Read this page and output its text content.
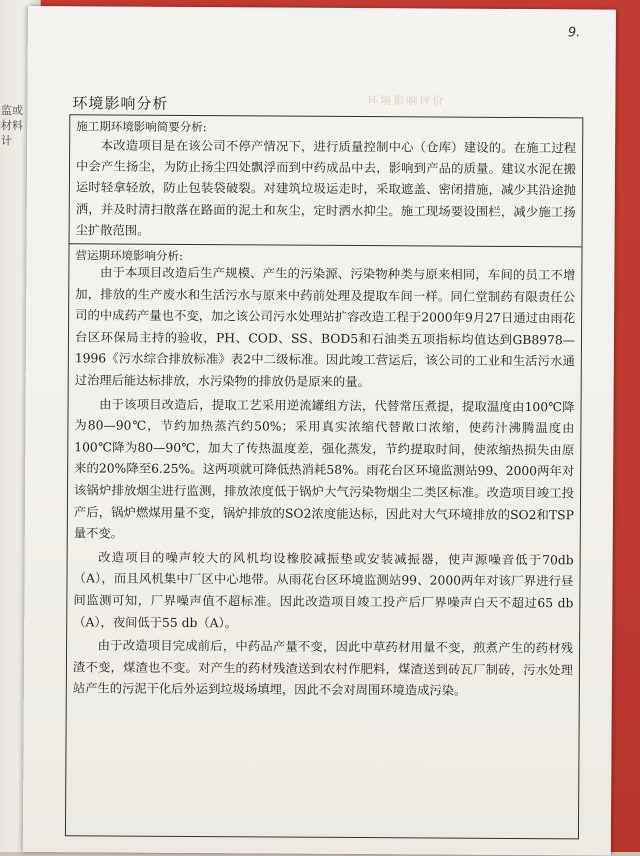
监或
材料
计
9.
环境影响评价
环境影响分析
施工期环境影响简要分析:

本改造项目是在该公司不停产情况下，进行质量控制中心（仓库）建设的。在施工过程中会产生扬尘，为防止扬尘四处飘浮而到中药成品中去，影响到产品的质量。建议水泥在搬运时轻拿轻放，防止包装袋破裂。对建筑垃圾运走时，采取遮盖、密闭措施，减少其沿途抛洒，并及时清扫散落在路面的泥土和灰尘，定时洒水抑尘。施工现场要设围栏，减少施工扬尘扩散范围。

营运期环境影响分析:

由于本项目改造后生产规模、产生的污染源、污染物种类与原来相同，车间的员工不增加，排放的生产废水和生活污水与原来中药前处理及提取车间一样。同仁堂制药有限责任公司的中成药产量也不变，加之该公司污水处理站扩容改造工程于2000年9月27日通过由雨花台区环保局主持的验收，PH、COD、SS、BOD5和石油类五项指标均值达到GB8978—1996《污水综合排放标准》表2中二级标准。因此竣工营运后，该公司的工业和生活污水通过治理后能达标排放，水污染物的排放仍是原来的量。

由于该项目改造后，提取工艺采用逆流罐组方法，代替常压煮提，提取温度由100℃降为80—90℃，节约加热蒸汽约50%；采用真实浓缩代替敞口浓缩，使药汁沸腾温度由100℃降为80—90℃，加大了传热温度差，强化蒸发，节约提取时间，使浓缩热损失由原来的20%降至6.25%。这两项就可降低热消耗58%。雨花台区环境监测站99、2000两年对该锅炉排放烟尘进行监测，排放浓度低于锅炉大气污染物烟尘二类区标准。改造项目竣工投产后，锅炉燃煤用量不变，锅炉排放的SO2浓度能达标，因此对大气环境排放的SO2和TSP量不变。

改造项目的噪声较大的风机均设橡胶减振垫或安装减振器，使声源噪音低于70db（A），而且风机集中厂区中心地带。从雨花台区环境监测站99、2000两年对该厂界进行昼间监测可知，厂界噪声值不超标准。因此改造项目竣工投产后厂界噪声白天不超过65 db（A），夜间低于55 db（A）。

由于改造项目完成前后，中药品产量不变，因此中草药材用量不变，煎煮产生的药材残渣不变，煤渣也不变。对产生的药材残渣送到农村作肥料，煤渣送到砖瓦厂制砖，污水处理站产生的污泥干化后外运到垃圾场填埋，因此不会对周围环境造成污染。
